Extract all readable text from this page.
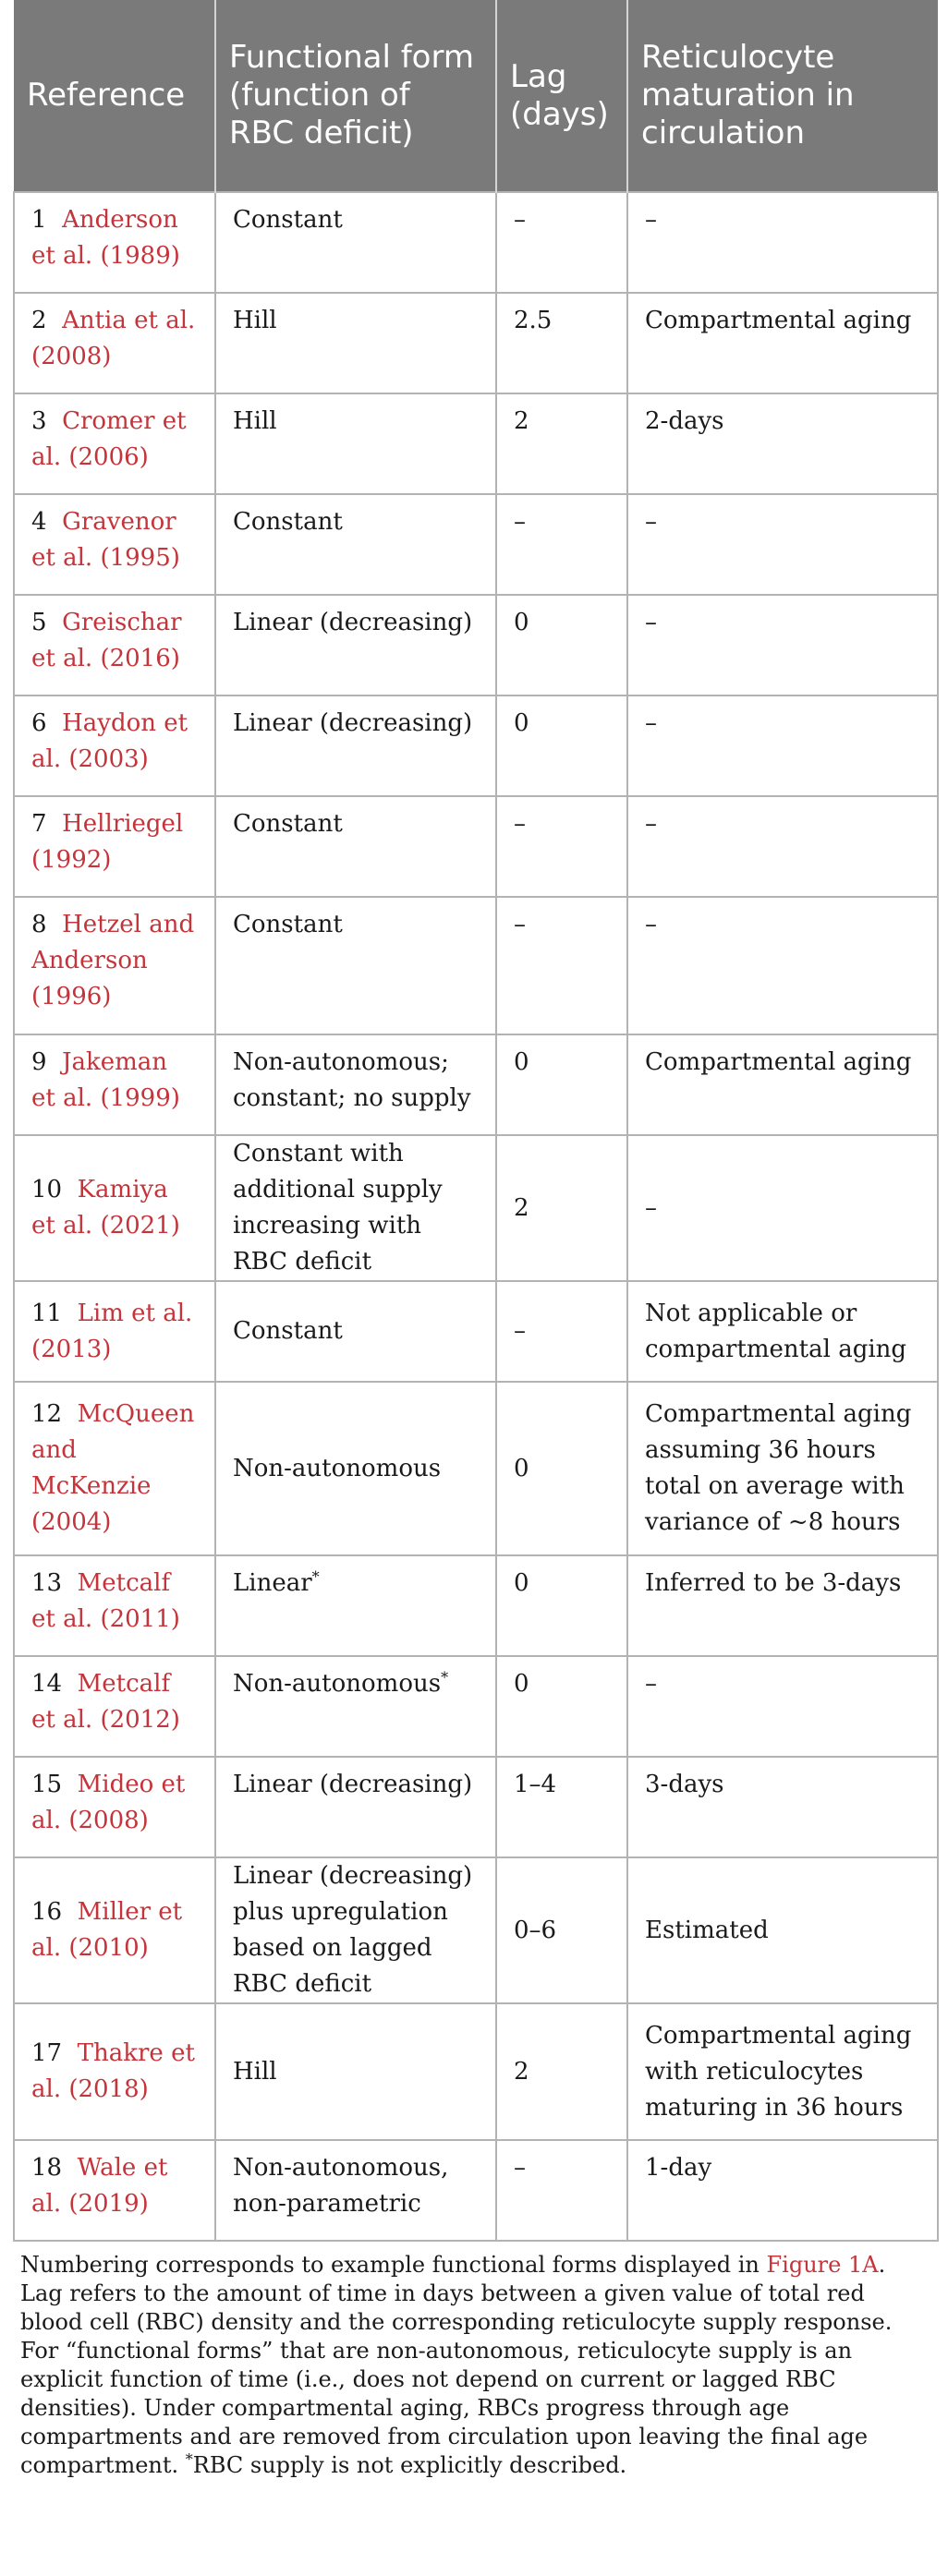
Reference	Functional form (function of RBC deficit)	Lag (days)	Reticulocyte maturation in circulation
1 Anderson et al. (1989)	Constant	–	–
2 Antia et al. (2008)	Hill	2.5	Compartmental aging
3 Cromer et al. (2006)	Hill	2	2-days
4 Gravenor et al. (1995)	Constant	–	–
5 Greischar et al. (2016)	Linear (decreasing)	0	–
6 Haydon et al. (2003)	Linear (decreasing)	0	–
7 Hellriegel (1992)	Constant	–	–
8 Hetzel and Anderson (1996)	Constant	–	–
9 Jakeman et al. (1999)	Non-autonomous; constant; no supply	0	Compartmental aging
10 Kamiya et al. (2021)	Constant with additional supply increasing with RBC deficit	2	–
11 Lim et al. (2013)	Constant	–	Not applicable or compartmental aging
12 McQueen and McKenzie (2004)	Non-autonomous	0	Compartmental aging assuming 36 hours total on average with variance of ~8 hours
13 Metcalf et al. (2011)	Linear*	0	Inferred to be 3-days
14 Metcalf et al. (2012)	Non-autonomous*	0	–
15 Mideo et al. (2008)	Linear (decreasing)	1–4	3-days
16 Miller et al. (2010)	Linear (decreasing) plus upregulation based on lagged RBC deficit	0–6	Estimated
17 Thakre et al. (2018)	Hill	2	Compartmental aging with reticulocytes maturing in 36 hours
18 Wale et al. (2019)	Non-autonomous, non-parametric	–	1-day
Numbering corresponds to example functional forms displayed in Figure 1A. Lag refers to the amount of time in days between a given value of total red blood cell (RBC) density and the corresponding reticulocyte supply response. For “functional forms” that are non-autonomous, reticulocyte supply is an explicit function of time (i.e., does not depend on current or lagged RBC densities). Under compartmental aging, RBCs progress through age compartments and are removed from circulation upon leaving the final age compartment. *RBC supply is not explicitly described.
